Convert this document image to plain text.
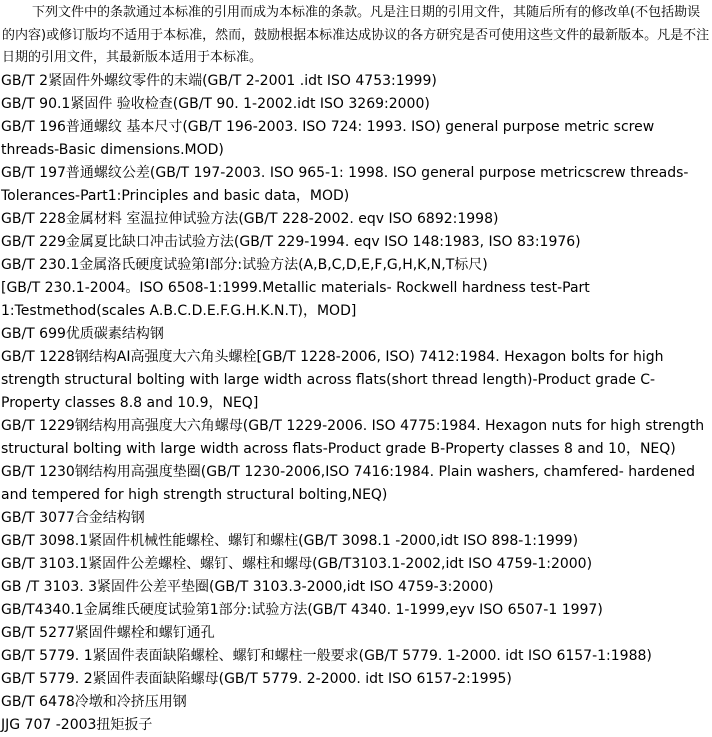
下列文件中的条款通过本标准的引用而成为本标准的条款。凡是注日期的引用文件，其随后所有的修改单(不包括勘误的内容)或修订版均不适用于本标准，然而，鼓励根据本标准达成协议的各方研究是否可使用这些文件的最新版本。凡是不注日期的引用文件，其最新版本适用于本标准。

GB/T 2紧固件外螺纹零件的末端(GB/T 2-2001 .idt ISO 4753:1999)
GB/T 90.1紧固件 验收检查(GB/T 90. 1-2002.idt ISO 3269:2000)
GB/T 196普通螺纹 基本尺寸(GB/T 196-2003. ISO 724: 1993. ISO) general purpose metric screw threads-Basic dimensions.MOD)
GB/T 197普通螺纹公差(GB/T 197-2003. ISO 965-1: 1998. ISO general purpose metricscrew threads-Tolerances-Part1:Principles and basic data，MOD)
GB/T 228金属材料 室温拉伸试验方法(GB/T 228-2002. eqv ISO 6892:1998)
GB/T 229金属夏比缺口冲击试验方法(GB/T 229-1994. eqv ISO 148:1983, ISO 83:1976)
GB/T 230.1金属洛氏硬度试验第I部分:试验方法(A,B,C,D,E,F,G,H,K,N,T标尺)
[GB/T 230.1-2004。ISO 6508-1:1999.Metallic materials- Rockwell hardness test-Part 1:Testmethod(scales A.B.C.D.E.F.G.H.K.N.T)，MOD]
GB/T 699优质碳素结构钢
GB/T 1228钢结构AI高强度大六角头螺栓[GB/T 1228-2006, ISO) 7412:1984. Hexagon bolts for high strength structural bolting with large width across flats(short thread length)-Product grade C-Property classes 8.8 and 10.9，NEQ]
GB/T 1229钢结构用高强度大六角螺母(GB/T 1229-2006. ISO 4775:1984. Hexagon nuts for high strength structural bolting with large width across flats-Product grade B-Property classes 8 and 10，NEQ)
GB/T 1230钢结构用高强度垫圈(GB/T 1230-2006,ISO 7416:1984. Plain washers, chamfered- hardened and tempered for high strength structural bolting,NEQ)
GB/T 3077合金结构钢
GB/T 3098.1紧固件机械性能螺栓、螺钉和螺柱(GB/T 3098.1 -2000,idt ISO 898-1:1999)
GB/T 3103.1紧固件公差螺栓、螺钉、螺柱和螺母(GB/T3103.1-2002,idt ISO 4759-1:2000)
GB /T 3103. 3紧固件公差平垫圈(GB/T 3103.3-2000,idt ISO 4759-3:2000)
GB/T4340.1金属维氏硬度试验第1部分:试验方法(GB/T 4340. 1-1999,eyv ISO 6507-1 1997)
GB/T 5277紧固件螺栓和螺钉通孔
GB/T 5779. 1紧固件表面缺陷螺栓、螺钉和螺柱一般要求(GB/T 5779. 1-2000. idt ISO 6157-1:1988)
GB/T 5779. 2紧固件表面缺陷螺母(GB/T 5779. 2-2000. idt ISO 6157-2:1995)
GB/T 6478冷墩和冷挤压用钢
JJG 707 -2003扭矩扳子
